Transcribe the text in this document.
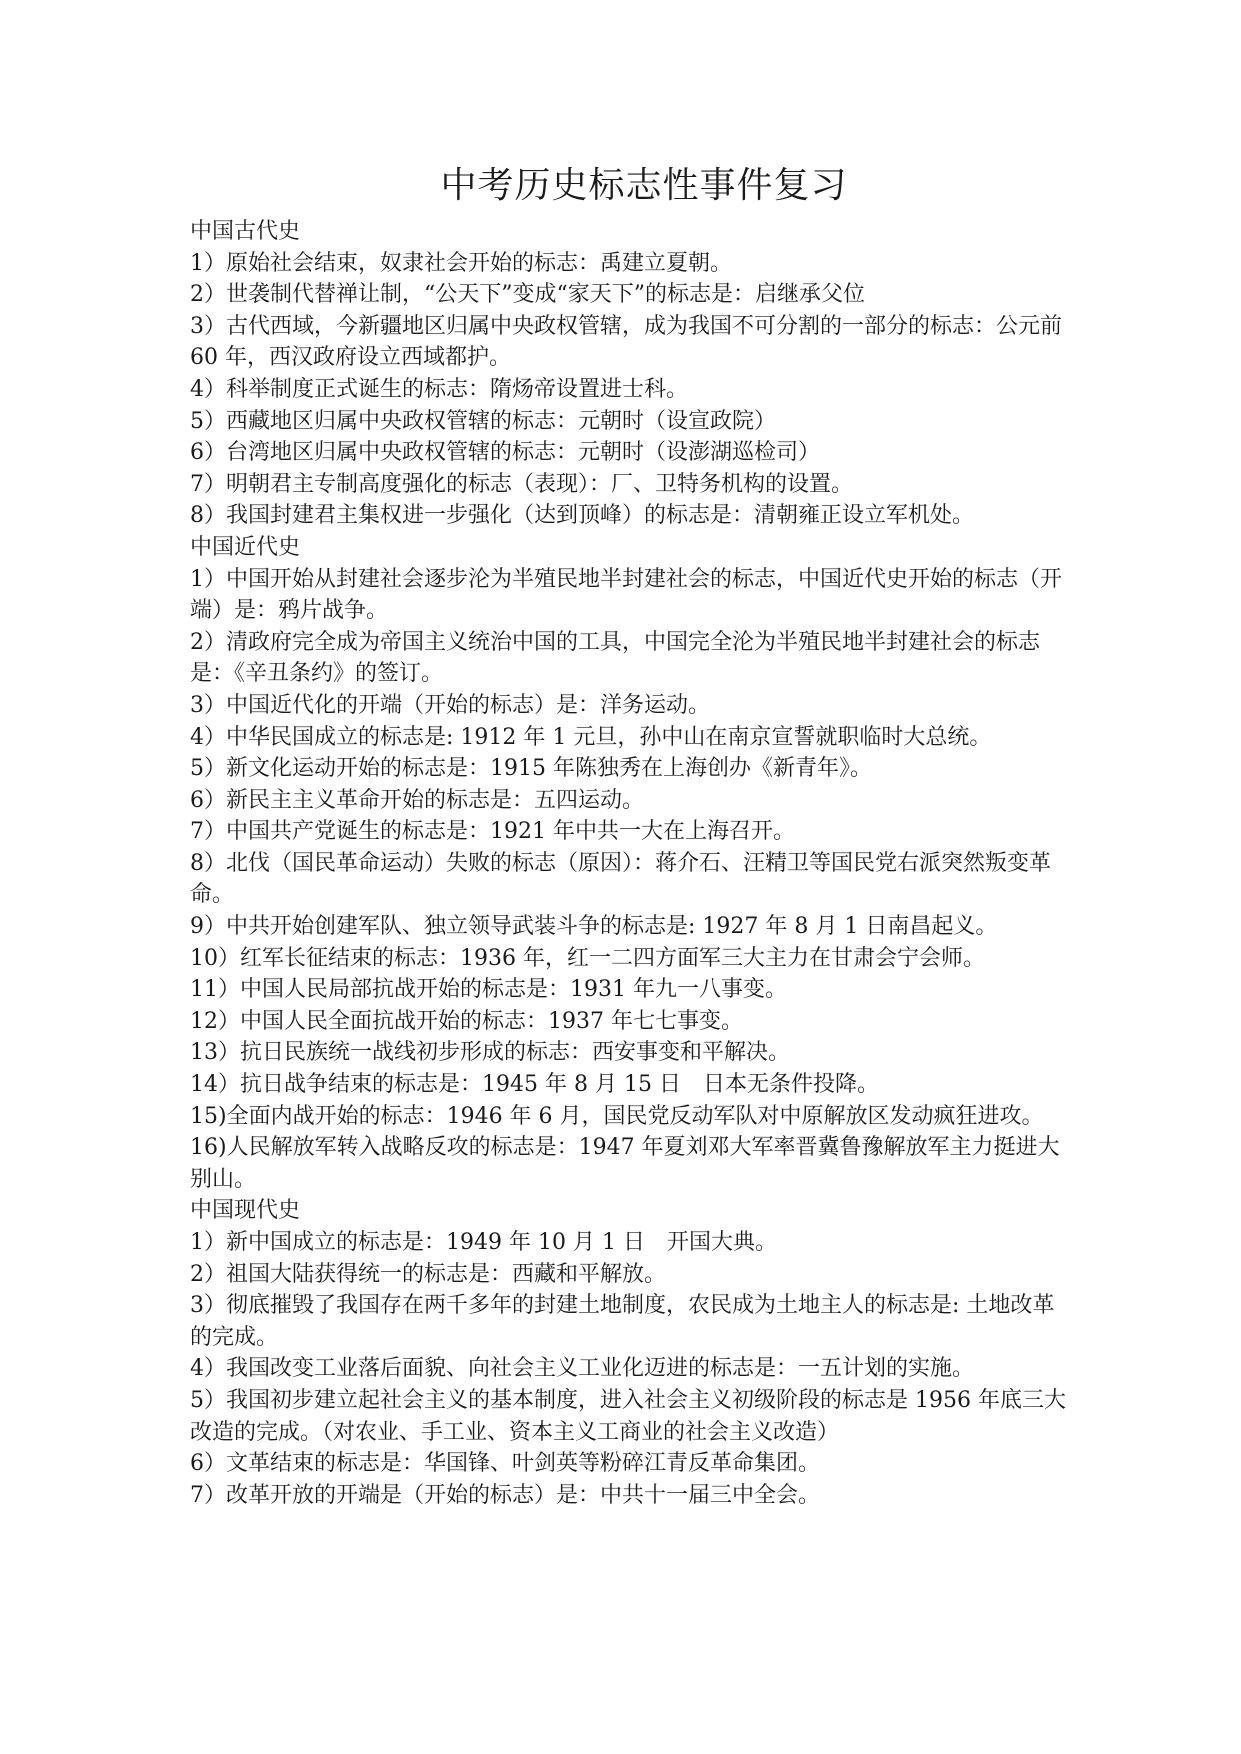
中考历史标志性事件复习

中国古代史

1）原始社会结束，奴隶社会开始的标志：禹建立夏朝。

2）世袭制代替禅让制，“公天下”变成“家天下”的标志是：启继承父位

3）古代西域，今新疆地区归属中央政权管辖，成为我国不可分割的一部分的标志：公元前 60 年，西汉政府设立西域都护。

4）科举制度正式诞生的标志：隋炀帝设置进士科。

5）西藏地区归属中央政权管辖的标志：元朝时（设宣政院）

6）台湾地区归属中央政权管辖的标志：元朝时（设澎湖巡检司）

7）明朝君主专制高度强化的标志（表现）：厂、卫特务机构的设置。

8）我国封建君主集权进一步强化（达到顶峰）的标志是：清朝雍正设立军机处。

中国近代史

1）中国开始从封建社会逐步沦为半殖民地半封建社会的标志，中国近代史开始的标志（开端）是：鸦片战争。

2）清政府完全成为帝国主义统治中国的工具，中国完全沦为半殖民地半封建社会的标志是：《辛丑条约》的签订。

3）中国近代化的开端（开始的标志）是：洋务运动。

4）中华民国成立的标志是: 1912 年 1 元旦，孙中山在南京宣誓就职临时大总统。

5）新文化运动开始的标志是：1915 年陈独秀在上海创办《新青年》。

6）新民主主义革命开始的标志是：五四运动。

7）中国共产党诞生的标志是：1921 年中共一大在上海召开。

8）北伐（国民革命运动）失败的标志（原因）：蒋介石、汪精卫等国民党右派突然叛变革命。

9）中共开始创建军队、独立领导武装斗争的标志是: 1927 年 8 月 1 日南昌起义。

10）红军长征结束的标志：1936 年，红一二四方面军三大主力在甘肃会宁会师。

11）中国人民局部抗战开始的标志是：1931 年九一八事变。

12）中国人民全面抗战开始的标志：1937 年七七事变。

13）抗日民族统一战线初步形成的标志：西安事变和平解决。

14）抗日战争结束的标志是：1945 年 8 月 15 日　日本无条件投降。

15)全面内战开始的标志：1946 年 6 月，国民党反动军队对中原解放区发动疯狂进攻。

16)人民解放军转入战略反攻的标志是：1947 年夏刘邓大军率晋冀鲁豫解放军主力挺进大别山。

中国现代史

1）新中国成立的标志是：1949 年 10 月 1 日　开国大典。

2）祖国大陆获得统一的标志是：西藏和平解放。

3）彻底摧毁了我国存在两千多年的封建土地制度，农民成为土地主人的标志是: 土地改革的完成。

4）我国改变工业落后面貌、向社会主义工业化迈进的标志是：一五计划的实施。

5）我国初步建立起社会主义的基本制度，进入社会主义初级阶段的标志是 1956 年底三大改造的完成。（对农业、手工业、资本主义工商业的社会主义改造）

6）文革结束的标志是：华国锋、叶剑英等粉碎江青反革命集团。

7）改革开放的开端是（开始的标志）是：中共十一届三中全会。
